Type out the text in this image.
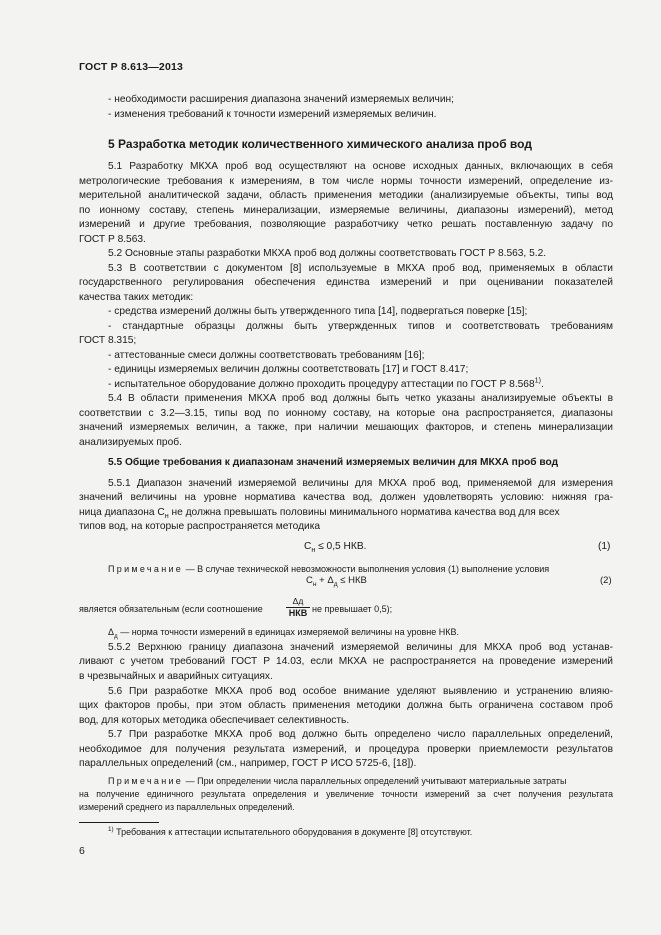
ГОСТ Р 8.613—2013
- необходимости расширения диапазона значений измеряемых величин;
- изменения требований к точности измерений измеряемых величин.
5 Разработка методик количественного химического анализа проб вод
5.1 Разработку МКХА проб вод осуществляют на основе исходных данных, включающих в себя
метрологические требования к измерениям, в том числе нормы точности измерений, определение из-
мерительной аналитической задачи, область применения методики (анализируемые объекты, типы вод
по ионному составу, степень минерализации, измеряемые величины, диапазоны измерений), метод
измерений и другие требования, позволяющие разработчику четко решать поставленную задачу по
ГОСТ Р 8.563.
5.2 Основные этапы разработки МКХА проб вод должны соответствовать ГОСТ Р 8.563, 5.2.
5.3 В соответствии с документом [8] используемые в МКХА проб вод, применяемых в области
государственного регулирования обеспечения единства измерений и при оценивании показателей
качества таких методик:
- средства измерений должны быть утвержденного типа [14], подвергаться поверке [15];
- стандартные образцы должны быть утвержденных типов и соответствовать требованиям
ГОСТ 8.315;
- аттестованные смеси должны соответствовать требованиям [16];
- единицы измеряемых величин должны соответствовать [17] и ГОСТ 8.417;
- испытательное оборудование должно проходить процедуру аттестации по ГОСТ Р 8.568$^{1)}$.
5.4 В области применения МКХА проб вод должны быть четко указаны анализируемые объекты в
соответствии с 3.2—3.15, типы вод по ионному составу, на которые она распространяется, диапазоны
значений измеряемых величин, а также, при наличии мешающих факторов, и степень минерализации
анализируемых проб.
5.5 Общие требования к диапазонам значений измеряемых величин для МКХА проб вод
5.5.1 Диапазон значений измеряемой величины для МКХА проб вод, применяемой для измерения
значений величины на уровне норматива качества вод, должен удовлетворять условию: нижняя гра-
ница диапазона $C_н$ не должна превышать половины минимального норматива качества вод для всех
типов вод, на которые распространяется методика
$C_н \le 0,5$ НКВ.	(1)
Примечание — В случае технической невозможности выполнения условия (1) выполнение условия
$C_н + \Delta_д$ ≤ НКВ	(2)
является обязательным (если соотношение
Δд
НКВ не превышает 0,5);
$\Delta_д$ — норма точности измерений в единицах измеряемой величины на уровне НКВ.
5.5.2 Верхнюю границу диапазона значений измеряемой величины для МКХА проб вод устанав-
ливают с учетом требований ГОСТ Р 14.03, если МКХА не распространяется на проведение измерений
в чрезвычайных и аварийных ситуациях.
5.6 При разработке МКХА проб вод особое внимание уделяют выявлению и устранению влияю-
щих факторов пробы, при этом область применения методики должна быть ограничена составом проб
вод, для которых методика обеспечивает селективность.
5.7 При разработке МКХА проб вод должно быть определено число параллельных определений,
необходимое для получения результата измерений, и процедура проверки приемлемости результатов
параллельных определений (см., например, ГОСТ Р ИСО 5725-6, [18]).
Примечание — При определении числа параллельных определений учитывают материальные затраты
на получение единичного результата определения и увеличение точности измерений за счет получения результата
измерений среднего из параллельных определений.
$^{1)}$ Требования к аттестации испытательного оборудования в документе [8] отсутствуют.
6
